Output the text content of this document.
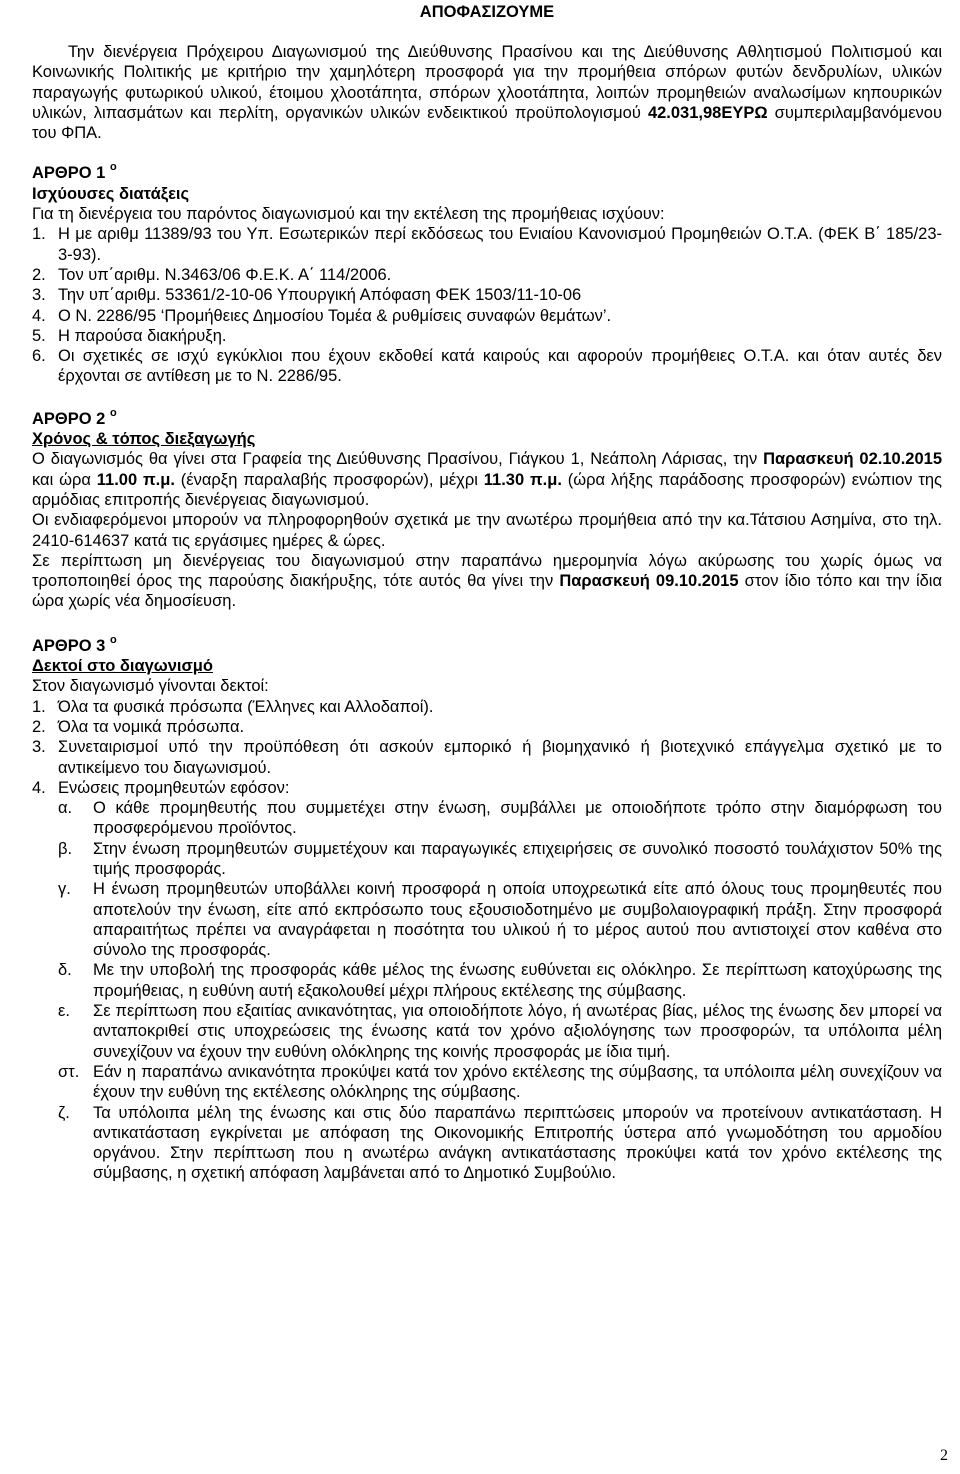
ΑΠΟΦΑΣΙΖΟΥΜΕ

Την διενέργεια Πρόχειρου Διαγωνισμού της Διεύθυνσης Πρασίνου και της Διεύθυνσης Αθλητισμού Πολιτισμού και Κοινωνικής Πολιτικής με κριτήριο την χαμηλότερη προσφορά για την προμήθεια σπόρων φυτών δενδρυλίων, υλικών παραγωγής φυτωρικού υλικού, έτοιμου χλοοτάπητα, σπόρων χλοοτάπητα, λοιπών προμηθειών αναλωσίμων κηπουρικών υλικών, λιπασμάτων και περλίτη, οργανικών υλικών ενδεικτικού προϋπολογισμού 42.031,98ΕΥΡΩ συμπεριλαμβανόμενου του ΦΠΑ.

ΑΡΘΡΟ 1 $^o$

Ισχύουσες διατάξεις

Για τη διενέργεια του παρόντος διαγωνισμού και την εκτέλεση της προμήθειας ισχύουν:

1. Η με αριθμ 11389/93 του Υπ. Εσωτερικών περί εκδόσεως του Ενιαίου Κανονισμού Προμηθειών Ο.Τ.Α. (ΦΕΚ Β΄ 185/23-3-93).
2. Τον υπ΄αριθμ. Ν.3463/06 Φ.Ε.Κ. Α΄ 114/2006.
3. Την υπ΄αριθμ. 53361/2-10-06 Υπουργική Απόφαση ΦΕΚ 1503/11-10-06
4. Ο Ν. 2286/95 ‘Προμήθειες Δημοσίου Τομέα & ρυθμίσεις συναφών θεμάτων’.
5. Η παρούσα διακήρυξη.
6. Οι σχετικές σε ισχύ εγκύκλιοι που έχουν εκδοθεί κατά καιρούς και αφορούν προμήθειες Ο.Τ.Α. και όταν αυτές δεν έρχονται σε αντίθεση με το Ν. 2286/95.

ΑΡΘΡΟ 2 $^o$

Χρόνος & τόπος διεξαγωγής

Ο διαγωνισμός θα γίνει στα Γραφεία της Διεύθυνσης Πρασίνου, Γιάγκου 1, Νεάπολη Λάρισας, την Παρασκευή 02.10.2015 και ώρα 11.00 π.μ. (έναρξη παραλαβής προσφορών), μέχρι 11.30 π.μ. (ώρα λήξης παράδοσης προσφορών) ενώπιον της αρμόδιας επιτροπής διενέργειας διαγωνισμού.

Οι ενδιαφερόμενοι μπορούν να πληροφορηθούν σχετικά με την ανωτέρω προμήθεια από την κα.Τάτσιου Ασημίνα, στο τηλ. 2410-614637 κατά τις εργάσιμες ημέρες & ώρες.

Σε περίπτωση μη διενέργειας του διαγωνισμού στην παραπάνω ημερομηνία λόγω ακύρωσης του χωρίς όμως να τροποποιηθεί όρος της παρούσης διακήρυξης, τότε αυτός θα γίνει την Παρασκευή 09.10.2015 στον ίδιο τόπο και την ίδια ώρα χωρίς νέα δημοσίευση.

ΑΡΘΡΟ 3 $^o$

Δεκτοί στο διαγωνισμό

Στον διαγωνισμό γίνονται δεκτοί:

1. Όλα τα φυσικά πρόσωπα (Έλληνες και Αλλοδαποί).
2. Όλα τα νομικά πρόσωπα.
3. Συνεταιρισμοί υπό την προϋπόθεση ότι ασκούν εμπορικό ή βιομηχανικό ή βιοτεχνικό επάγγελμα σχετικό με το αντικείμενο του διαγωνισμού.
4. Ενώσεις προμηθευτών εφόσον:
α.	Ο κάθε προμηθευτής που συμμετέχει στην ένωση, συμβάλλει με οποιοδήποτε τρόπο στην διαμόρφωση του προσφερόμενου προϊόντος.
β.	Στην ένωση προμηθευτών συμμετέχουν και παραγωγικές επιχειρήσεις σε συνολικό ποσοστό τουλάχιστον 50% της τιμής προσφοράς.
γ.	Η ένωση προμηθευτών υποβάλλει κοινή προσφορά η οποία υποχρεωτικά είτε από όλους τους προμηθευτές που αποτελούν την ένωση, είτε από εκπρόσωπο τους εξουσιοδοτημένο με συμβολαιογραφική πράξη. Στην προσφορά απαραιτήτως πρέπει να αναγράφεται η ποσότητα του υλικού ή το μέρος αυτού που αντιστοιχεί στον καθένα στο σύνολο της προσφοράς.
δ.	Με την υποβολή της προσφοράς κάθε μέλος της ένωσης ευθύνεται εις ολόκληρο. Σε περίπτωση κατοχύρωσης της προμήθειας, η ευθύνη αυτή εξακολουθεί μέχρι πλήρους εκτέλεσης της σύμβασης.
ε.	Σε περίπτωση που εξαιτίας ανικανότητας, για οποιοδήποτε λόγο, ή ανωτέρας βίας, μέλος της ένωσης δεν μπορεί να ανταποκριθεί στις υποχρεώσεις της ένωσης κατά τον χρόνο αξιολόγησης των προσφορών, τα υπόλοιπα μέλη συνεχίζουν να έχουν την ευθύνη ολόκληρης της κοινής προσφοράς με ίδια τιμή.
στ. Εάν η παραπάνω ανικανότητα προκύψει κατά τον χρόνο εκτέλεσης της σύμβασης, τα υπόλοιπα μέλη συνεχίζουν να έχουν την ευθύνη της εκτέλεσης ολόκληρης της σύμβασης.
ζ.	Τα υπόλοιπα μέλη της ένωσης και στις δύο παραπάνω περιπτώσεις μπορούν να προτείνουν αντικατάσταση. Η αντικατάσταση εγκρίνεται με απόφαση της Οικονομικής Επιτροπής ύστερα από γνωμοδότηση του αρμοδίου οργάνου. Στην περίπτωση που η ανωτέρω ανάγκη αντικατάστασης προκύψει κατά τον χρόνο εκτέλεσης της σύμβασης, η σχετική απόφαση λαμβάνεται από το Δημοτικό Συμβούλιο.
2
